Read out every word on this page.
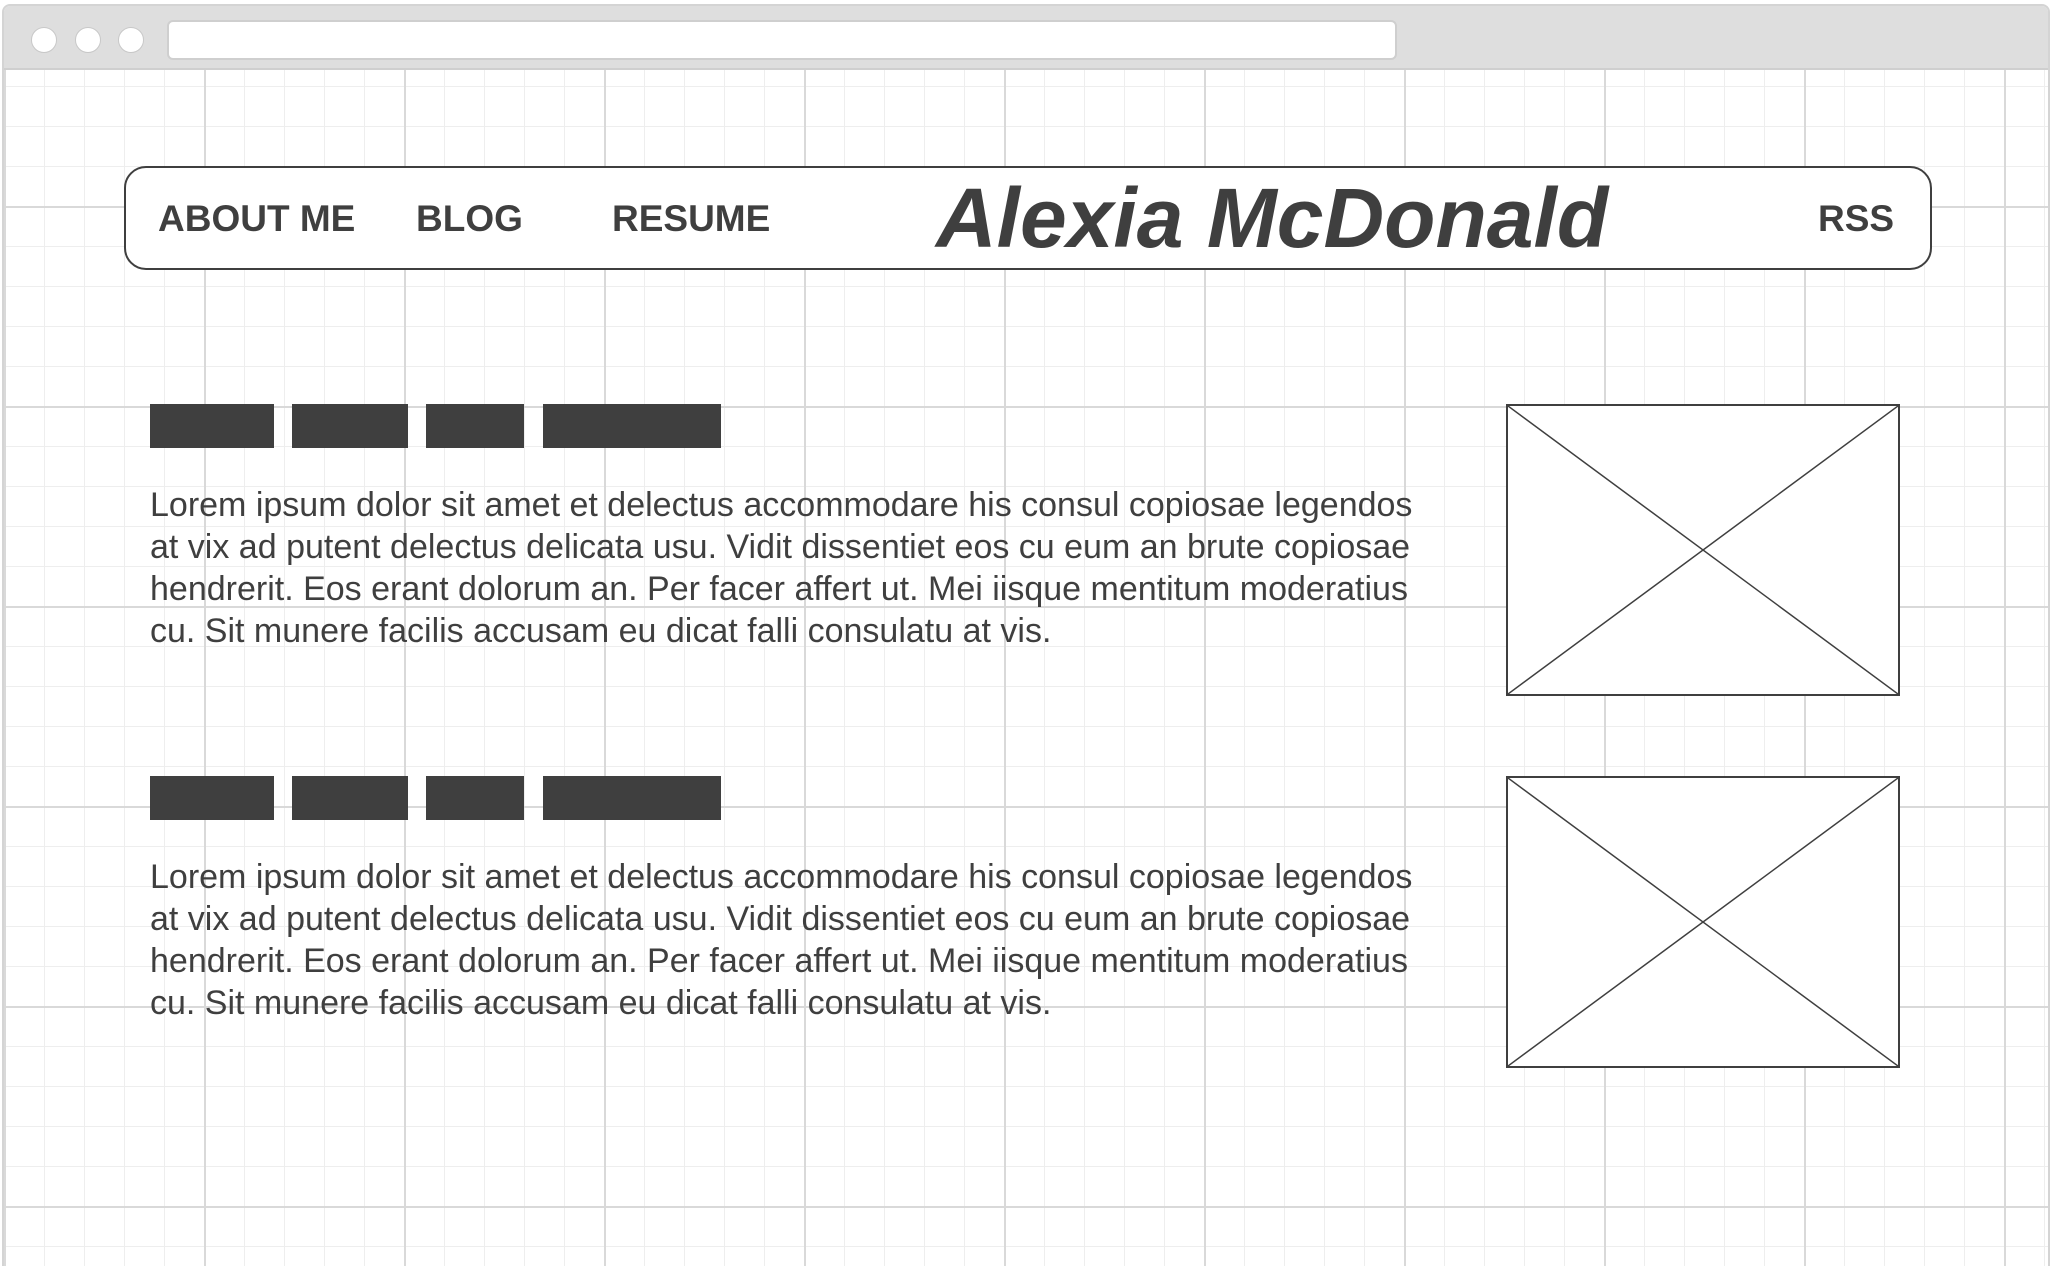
ABOUT ME BLOG RESUME Alexia McDonald	RSS

Lorem ipsum dolor sit amet et delectus accommodare his consul copiosae legendos at vix ad putent delectus delicata usu. Vidit dissentiet eos cu eum an brute copiosae hendrerit. Eos erant dolorum an. Per facer affert ut. Mei iisque mentitum moderatius cu. Sit munere facilis accusam eu dicat falli consulatu at vis.

Lorem ipsum dolor sit amet et delectus accommodare his consul copiosae legendos at vix ad putent delectus delicata usu. Vidit dissentiet eos cu eum an brute copiosae hendrerit. Eos erant dolorum an. Per facer affert ut. Mei iisque mentitum moderatius cu. Sit munere facilis accusam eu dicat falli consulatu at vis.
